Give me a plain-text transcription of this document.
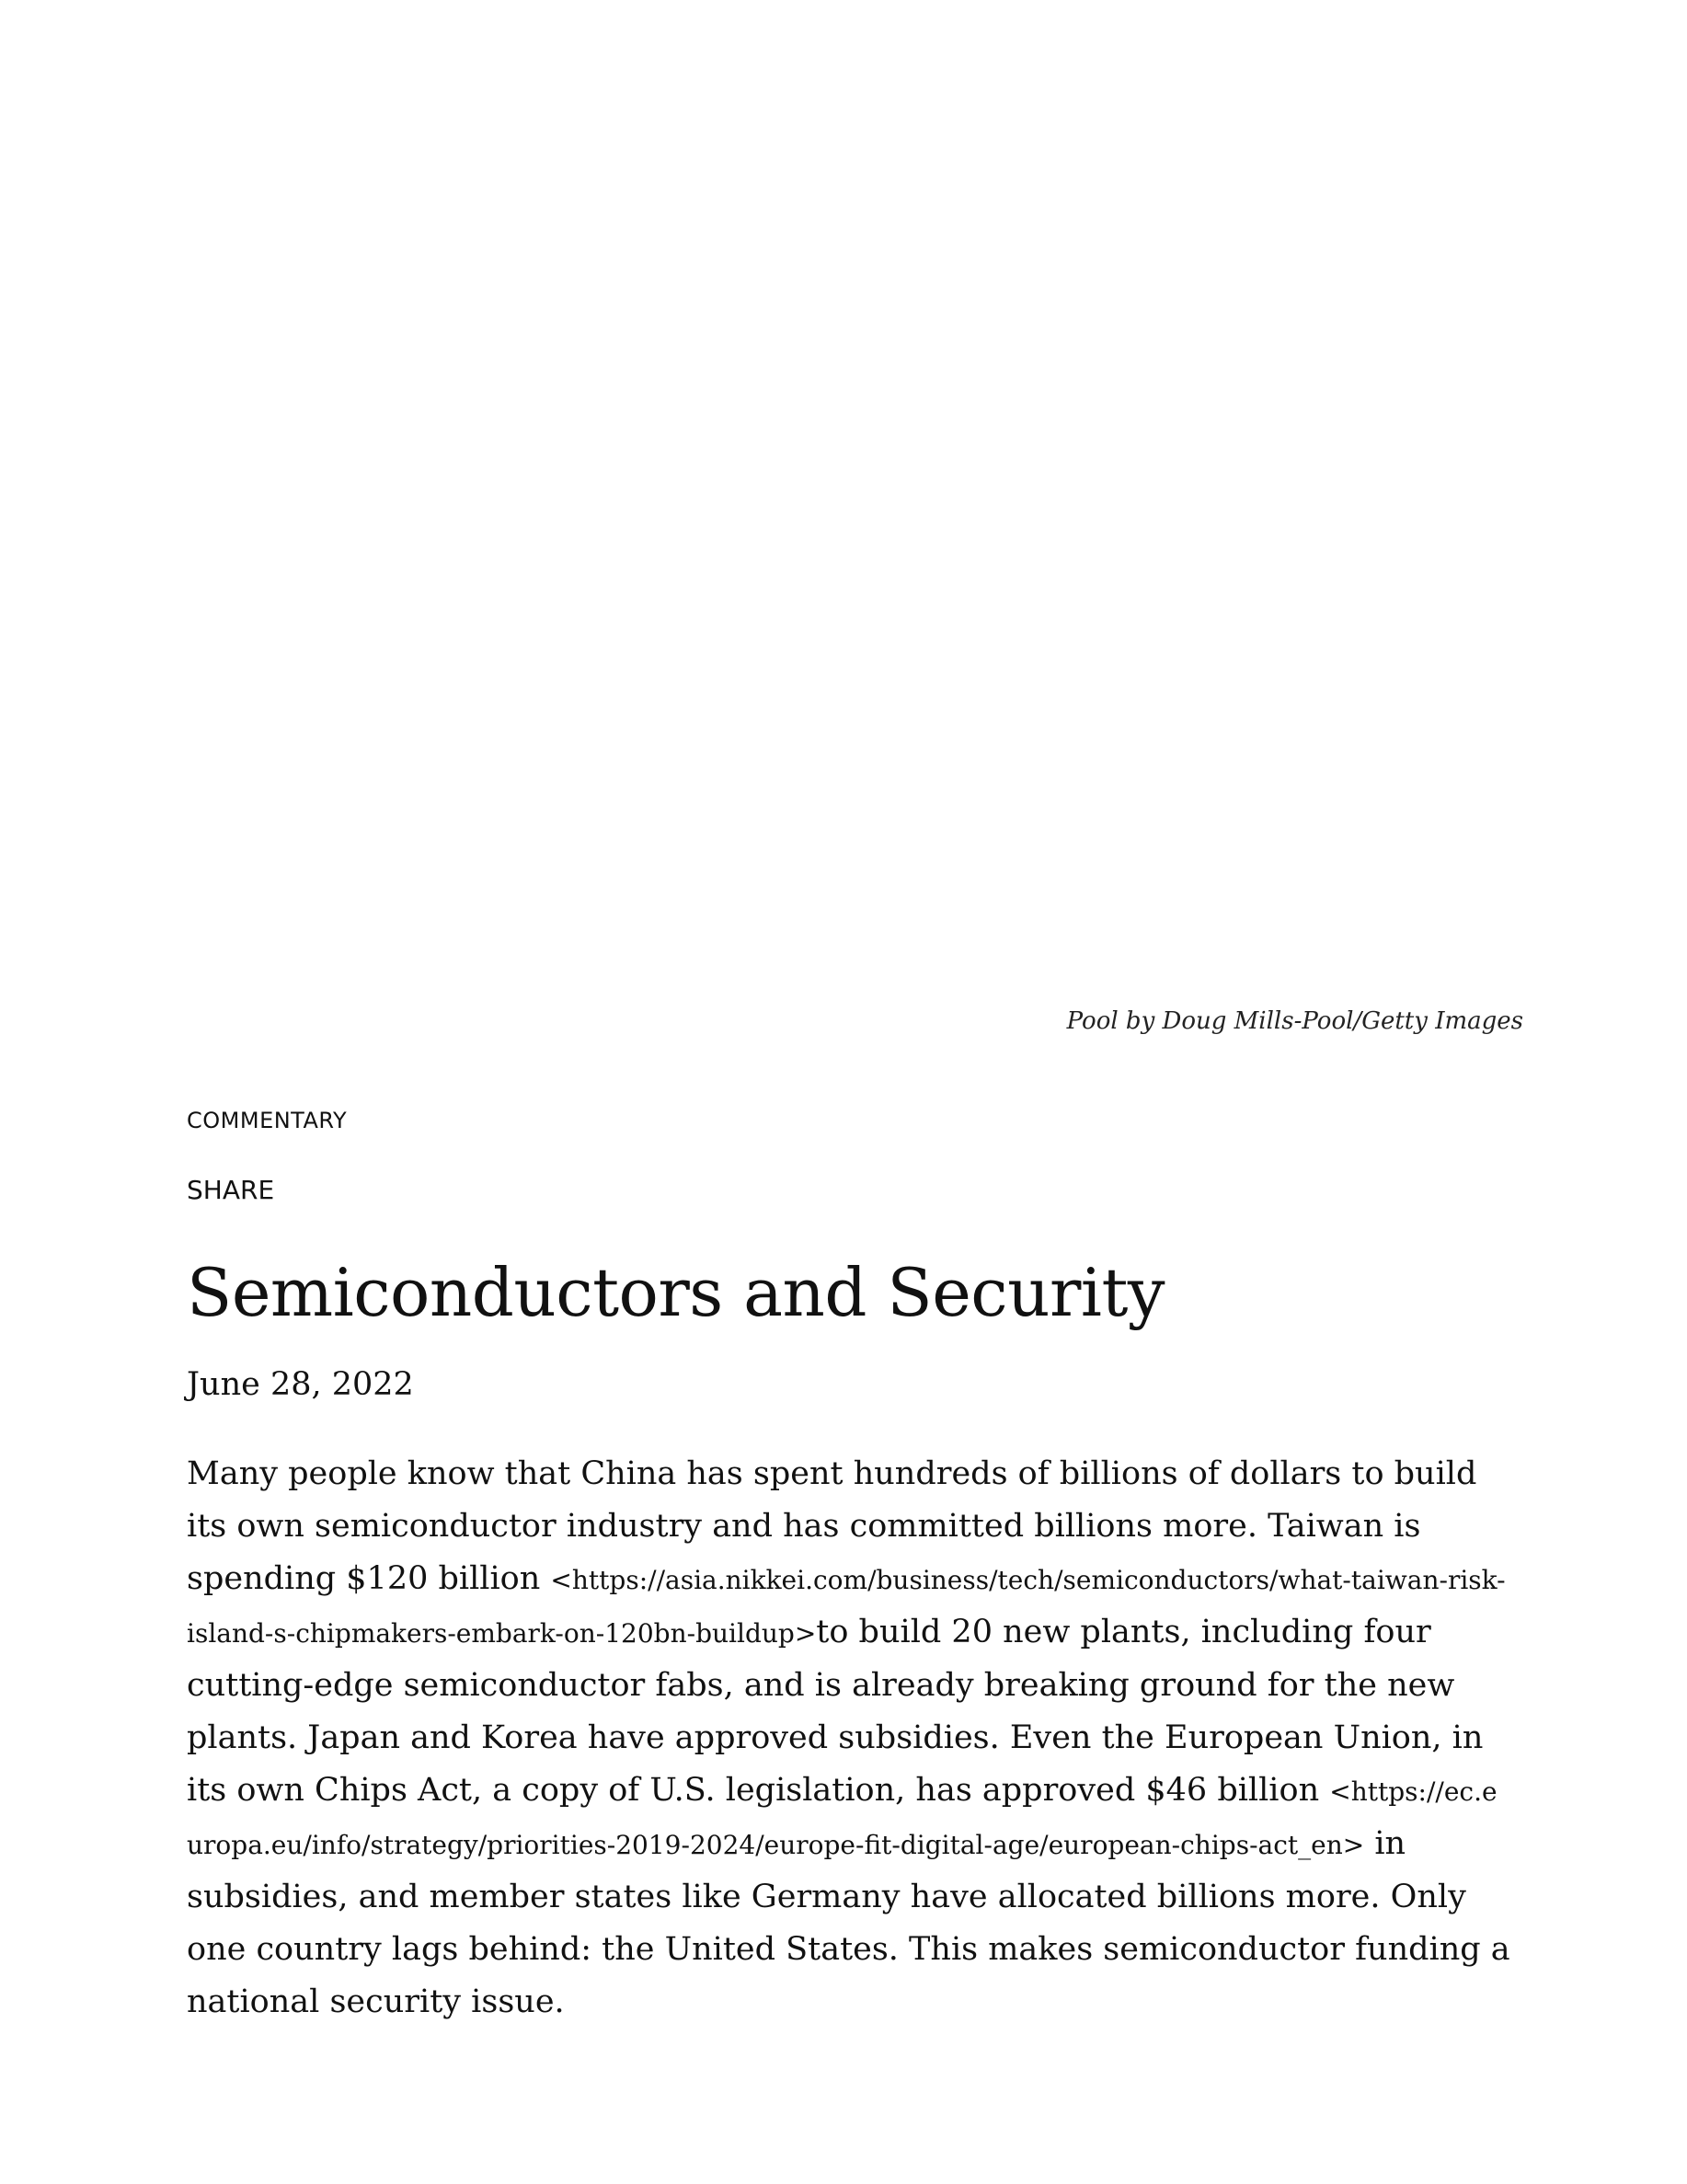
Pool by Doug Mills-Pool/Getty Images
COMMENTARY
SHARE
Semiconductors and Security
June 28, 2022

Many people know that China has spent hundreds of billions of dollars to build its own semiconductor industry and has committed billions more. Taiwan is spending $120 billion <https://asia.nikkei.com/business/tech/semiconductors/what-taiwan-risk-island-s-chipmakers-embark-on-120bn-buildup>to build 20 new plants, including four cutting-edge semiconductor fabs, and is already breaking ground for the new plants. Japan and Korea have approved subsidies. Even the European Union, in its own Chips Act, a copy of U.S. legislation, has approved $46 billion <https://ec.europa.eu/info/strategy/priorities-2019-2024/europe-fit-digital-age/european-chips-act_en> in subsidies, and member states like Germany have allocated billions more. Only one country lags behind: the United States. This makes semiconductor funding a national security issue.
